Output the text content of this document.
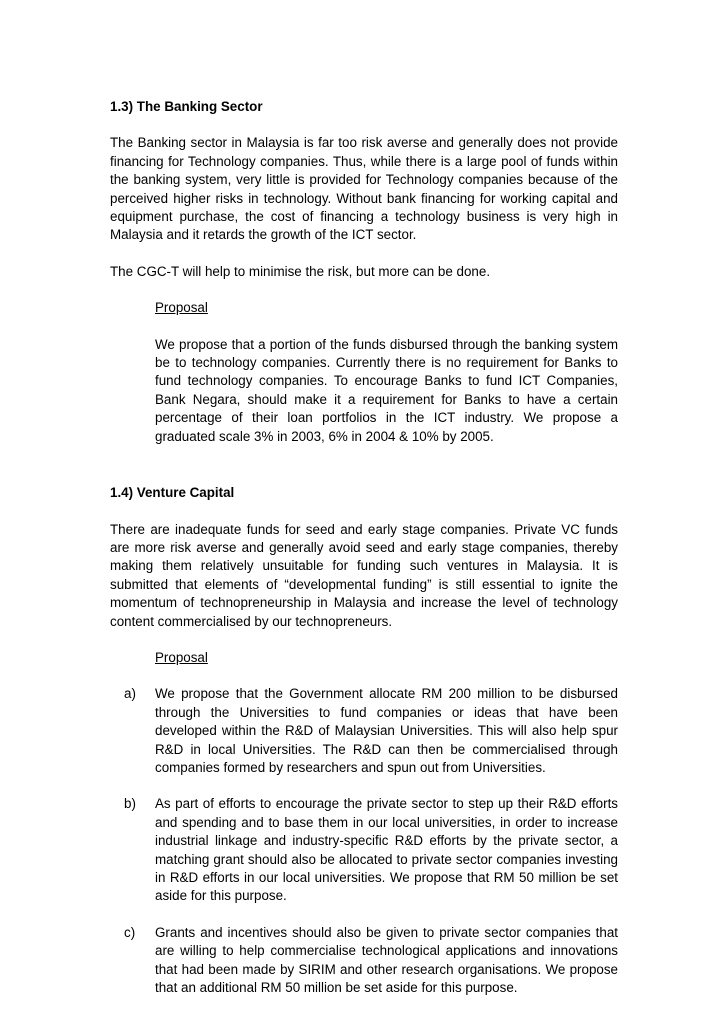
1.3) The Banking Sector

The Banking sector in Malaysia is far too risk averse and generally does not provide financing for Technology companies. Thus, while there is a large pool of funds within the banking system, very little is provided for Technology companies because of the perceived higher risks in technology. Without bank financing for working capital and equipment purchase, the cost of financing a technology business is very high in Malaysia and it retards the growth of the ICT sector.

The CGC-T will help to minimise the risk, but more can be done.

Proposal

We propose that a portion of the funds disbursed through the banking system be to technology companies. Currently there is no requirement for Banks to fund technology companies. To encourage Banks to fund ICT Companies, Bank Negara, should make it a requirement for Banks to have a certain percentage of their loan portfolios in the ICT industry. We propose a graduated scale 3% in 2003, 6% in 2004 & 10% by 2005.

1.4) Venture Capital

There are inadequate funds for seed and early stage companies. Private VC funds are more risk averse and generally avoid seed and early stage companies, thereby making them relatively unsuitable for funding such ventures in Malaysia. It is submitted that elements of “developmental funding” is still essential to ignite the momentum of technopreneurship in Malaysia and increase the level of technology content commercialised by our technopreneurs.

Proposal

a) We propose that the Government allocate RM 200 million to be disbursed through the Universities to fund companies or ideas that have been developed within the R&D of Malaysian Universities. This will also help spur R&D in local Universities. The R&D can then be commercialised through companies formed by researchers and spun out from Universities.

b) As part of efforts to encourage the private sector to step up their R&D efforts and spending and to base them in our local universities, in order to increase industrial linkage and industry-specific R&D efforts by the private sector, a matching grant should also be allocated to private sector companies investing in R&D efforts in our local universities. We propose that RM 50 million be set aside for this purpose.

c) Grants and incentives should also be given to private sector companies that are willing to help commercialise technological applications and innovations that had been made by SIRIM and other research organisations. We propose that an additional RM 50 million be set aside for this purpose.
